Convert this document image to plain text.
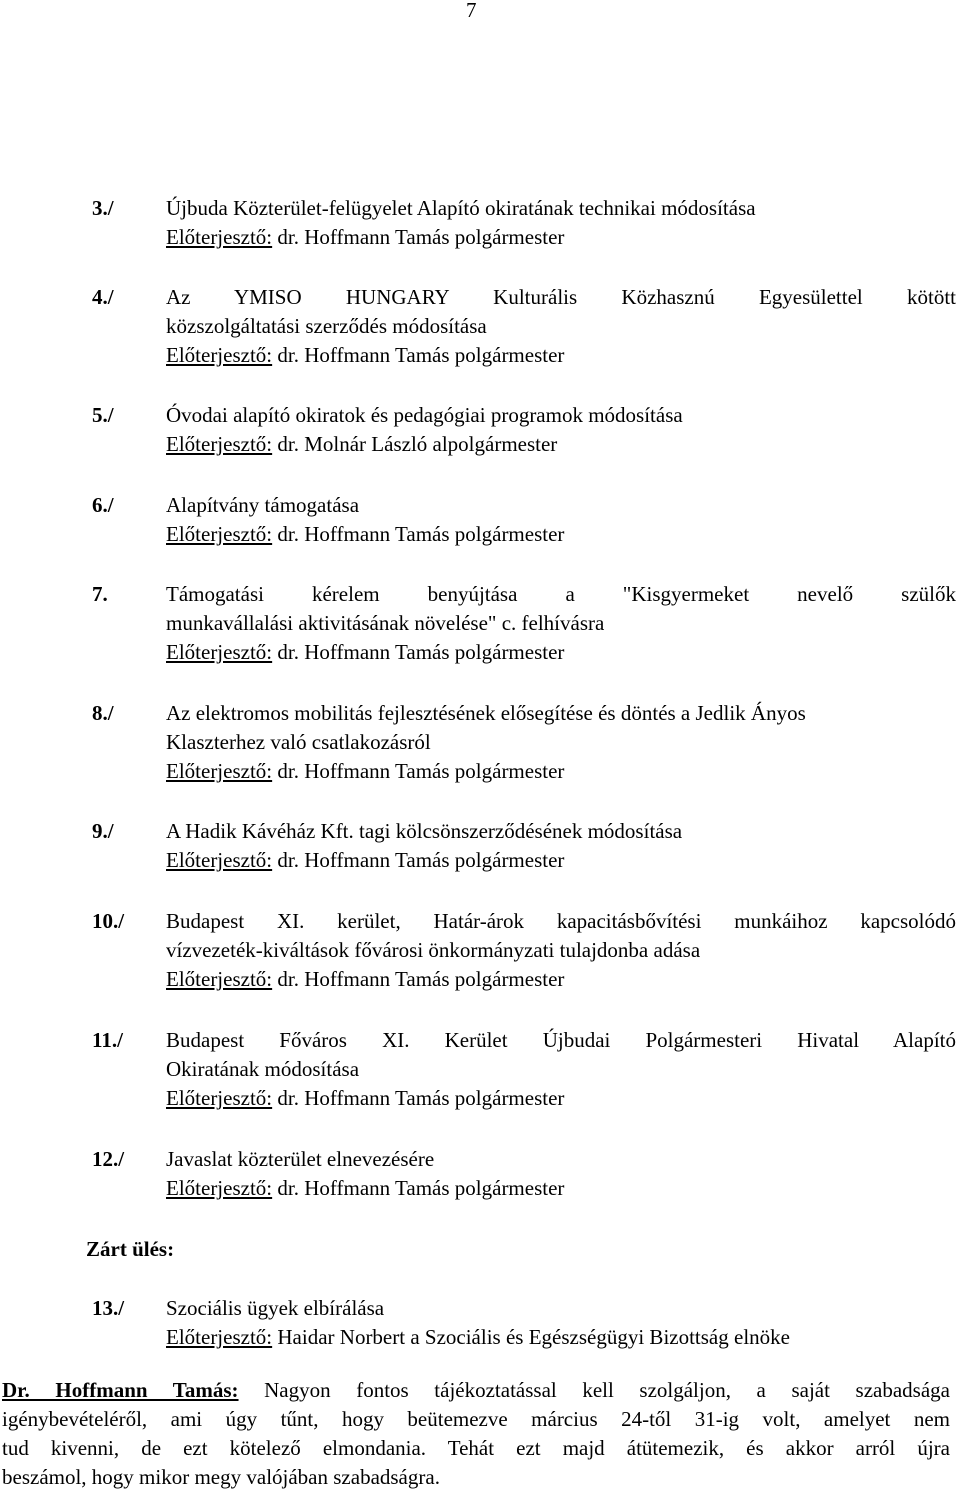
7
3./ Újbuda Közterület-felügyelet Alapító okiratának technikai módosítása
Előterjesztő: dr. Hoffmann Tamás polgármester
4./ Az YMISO HUNGARY Kulturális Közhasznú Egyesülettel kötött
közszolgáltatási szerződés módosítása
Előterjesztő: dr. Hoffmann Tamás polgármester
5./ Óvodai alapító okiratok és pedagógiai programok módosítása
Előterjesztő: dr. Molnár László alpolgármester
6./ Alapítvány támogatása
Előterjesztő: dr. Hoffmann Tamás polgármester
7.	Támogatási kérelem benyújtása a "Kisgyermeket nevelő szülők
munkavállalási aktivitásának növelése" c. felhívásra
Előterjesztő: dr. Hoffmann Tamás polgármester
8./ Az elektromos mobilitás fejlesztésének elősegítése és döntés a Jedlik Ányos
Klaszterhez való csatlakozásról
Előterjesztő: dr. Hoffmann Tamás polgármester
9./ A Hadik Kávéház Kft. tagi kölcsönszerződésének módosítása
Előterjesztő: dr. Hoffmann Tamás polgármester
10./ Budapest XI. kerület, Határ-árok kapacitásbővítési munkáihoz kapcsolódó
vízvezeték-kiváltások fővárosi önkormányzati tulajdonba adása
Előterjesztő: dr. Hoffmann Tamás polgármester
11./ Budapest Főváros XI. Kerület Újbudai Polgármesteri Hivatal Alapító
Okiratának módosítása
Előterjesztő: dr. Hoffmann Tamás polgármester
12./ Javaslat közterület elnevezésére
Előterjesztő: dr. Hoffmann Tamás polgármester
Zárt ülés:
13./ Szociális ügyek elbírálása
Előterjesztő: Haidar Norbert a Szociális és Egészségügyi Bizottság elnöke
Dr. Hoffmann Tamás: Nagyon fontos tájékoztatással kell szolgáljon, a saját szabadsága
igénybevételéről, ami úgy tűnt, hogy beütemezve március 24-től 31-ig volt, amelyet nem
tud kivenni, de ezt kötelező elmondania. Tehát ezt majd átütemezik, és akkor arról újra
beszámol, hogy mikor megy valójában szabadságra.
